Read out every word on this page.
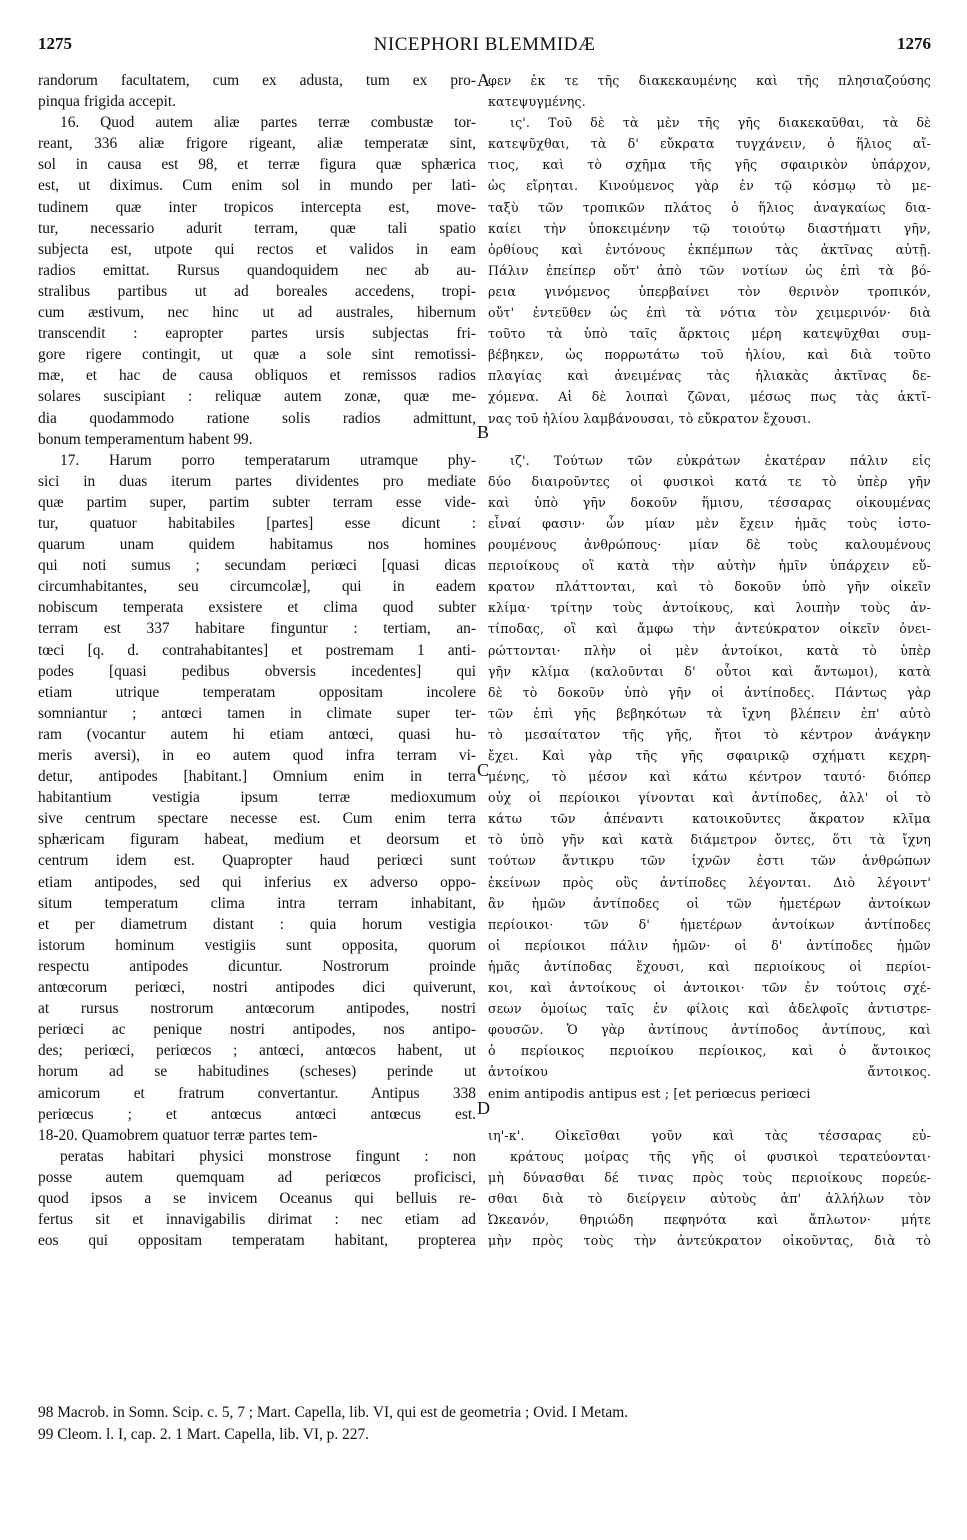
NICEPHORI BLEMMIDÆ
1275	1276
randorum facultatem, cum ex adusta, tum ex pro-
pinqua frigida accepit.
16. Quod autem aliæ partes terræ combustæ tor-
reant, 336 aliæ frigore rigeant, aliæ temperatæ sint,
sol in causa est 98, et terræ figura quæ sphærica
est, ut diximus. Cum enim sol in mundo per lati-
tudinem quæ inter tropicos intercepta est, move-
tur, necessario adurit terram, quæ tali spatio
subjecta est, utpote qui rectos et validos in eam
radios emittat. Rursus quandoquidem nec ab au-
stralibus partibus ut ad boreales accedens, tropi-
cum æstivum, nec hinc ut ad australes, hibernum
transcendit : eapropter partes ursis subjectas fri-
gore rigere contingit, ut quæ a sole sint remotissi-
mæ, et hac de causa obliquos et remissos radios
solares suscipiant : reliquæ autem zonæ, quæ me-
dia quodammodo ratione solis radios admittunt,
bonum temperamentum habent 99.
17. Harum porro temperatarum utramque phy-
sici in duas iterum partes dividentes pro mediate
quæ partim super, partim subter terram esse vide-
tur, quatuor habitabiles [partes] esse dicunt :
quarum unam quidem habitamus nos homines
qui noti sumus ; secundam periœci [quasi dicas
circumhabitantes, seu circumcolæ], qui in eadem
nobiscum temperata exsistere et clima quod subter
terram est 337 habitare finguntur : tertiam, an-
tœci [q. d. contrahabitantes] et postremam 1 anti-
podes [quasi pedibus obversis incedentes] qui
etiam utrique temperatam oppositam incolere
somniantur ; antœci tamen in climate super ter-
ram (vocantur autem hi etiam antœci, quasi hu-
meris aversi), in eo autem quod infra terram vi-
detur, antipodes [habitant.] Omnium enim in terra
habitantium vestigia ipsum terræ medioxumum
sive centrum spectare necesse est. Cum enim terra
sphæricam figuram habeat, medium et deorsum et
centrum idem est. Quapropter haud periœci sunt
etiam antipodes, sed qui inferius ex adverso oppo-
situm temperatum clima intra terram inhabitant,
et per diametrum distant : quia horum vestigia
istorum hominum vestigiis sunt opposita, quorum
respectu antipodes dicuntur. Nostrorum proinde
antœcorum periœci, nostri antipodes dici quiverunt,
at rursus nostrorum antœcorum antipodes, nostri
periœci ac penique nostri antipodes, nos antipo-
des; periœci, periœcos ; antœci, antœcos habent, ut
horum ad se habitudines (scheses) perinde ut
amicorum et fratrum convertantur. Antipus 338
periœcus ; et antœcus antœci antœcus est.
18-20. Quamobrem quatuor terræ partes tem-
peratas habitari physici monstrose fingunt : non
posse autem quemquam ad periœcos proficisci,
quod ipsos a se invicem Oceanus qui belluis re-
fertus sit et innavigabilis dirimat : nec etiam ad
eos qui oppositam temperatam habitant, propterea
φεν ἐκ τε τῆς διακεκαυμένης καὶ τῆς πλησιαζούσης
κατεψυγμένης.
ις'. Τοῦ δὲ τὰ μὲν τῆς γῆς διακεκαῦθαι, τὰ δὲ
κατεψῦχθαι, τὰ δ' εὔκρατα τυγχάνειν, ὁ ἥλιος αἴ-
τιος, καὶ τὸ σχῆμα τῆς γῆς σφαιρικὸν ὑπάρχον,
ὡς εἴρηται. Κινούμενος γὰρ ἐν τῷ κόσμῳ τὸ με-
ταξὺ τῶν τροπικῶν πλάτος ὁ ἥλιος ἀναγκαίως δια-
καίει τὴν ὑποκειμένην τῷ τοιούτῳ διαστήματι γῆν,
ὀρθίους καὶ ἐντόνους ἐκπέμπων τὰς ἀκτῖνας αὐτῇ.
Πάλιν ἐπείπερ οὔτ' ἀπὸ τῶν νοτίων ὡς ἐπὶ τὰ βό-
ρεια γινόμενος ὑπερβαίνει τὸν θερινὸν τροπικόν,
οὔτ' ἐντεῦθεν ὡς ἐπὶ τὰ νότια τὸν χειμερινόν· διὰ
τοῦτο τὰ ὑπὸ ταῖς ἄρκτοις μέρη κατεψῦχθαι συμ-
βέβηκεν, ὡς πορρωτάτω τοῦ ἡλίου, καὶ διὰ τοῦτο
πλαγίας καὶ ἀνειμένας τὰς ἡλιακὰς ἀκτῖνας δε-
χόμενα. Αἱ δὲ λοιπαὶ ζῶναι, μέσως πως τὰς ἀκτῖ-
νας τοῦ ἡλίου λαμβάνουσαι, τὸ εὔκρατον ἔχουσι.
ιζ'. Τούτων τῶν εὐκράτων ἑκατέραν πάλιν εἰς
δύο διαιροῦντες οἱ φυσικοὶ κατά τε τὸ ὑπὲρ γῆν
καὶ ὑπὸ γῆν δοκοῦν ἥμισυ, τέσσαρας οἰκουμένας
εἶναί φασιν· ὧν μίαν μὲν ἔχειν ἡμᾶς τοὺς ἱστο-
ρουμένους ἀνθρώπους· μίαν δὲ τοὺς καλουμένους
περιοίκους οἳ κατὰ τὴν αὐτὴν ἡμῖν ὑπάρχειν εὔ-
κρατον πλάττονται, καὶ τὸ δοκοῦν ὑπὸ γῆν οἰκεῖν
κλίμα· τρίτην τοὺς ἀντοίκους, καὶ λοιπὴν τοὺς ἀν-
τίποδας, οἳ καὶ ἄμφω τὴν ἀντεύκρατον οἰκεῖν ὀνει-
ρώττονται· πλὴν οἱ μὲν ἀντοίκοι, κατὰ τὸ ὑπὲρ
γῆν κλίμα (καλοῦνται δ' οὗτοι καὶ ἄντωμοι), κατὰ
δὲ τὸ δοκοῦν ὑπὸ γῆν οἱ ἀντίποδες. Πάντως γὰρ
τῶν ἐπὶ γῆς βεβηκότων τὰ ἴχνη βλέπειν ἐπ' αὐτὸ
τὸ μεσαίτατον τῆς γῆς, ἤτοι τὸ κέντρον ἀνάγκην
ἔχει. Καὶ γὰρ τῆς γῆς σφαιρικῷ σχήματι κεχρη-
μένης, τὸ μέσον καὶ κάτω κέντρον ταυτό· διόπερ
οὐχ οἱ περίοικοι γίνονται καὶ ἀντίποδες, ἀλλ' οἱ τὸ
κάτω τῶν ἀπέναντι κατοικοῦντες ἄκρατον κλῖμα
τὸ ὑπὸ γῆν καὶ κατὰ διάμετρον ὄντες, ὅτι τὰ ἴχνη
τούτων ἄντικρυ τῶν ἰχνῶν ἐστι τῶν ἀνθρώπων
ἐκείνων πρὸς οὓς ἀντίποδες λέγονται. Διὸ λέγοιντ'
ἂν ἡμῶν ἀντίποδες οἱ τῶν ἡμετέρων ἀντοίκων
περίοικοι· τῶν δ' ἡμετέρων ἀντοίκων ἀντίποδες
οἱ περίοικοι πάλιν ἡμῶν· οἱ δ' ἀντίποδες ἡμῶν
ἡμᾶς ἀντίποδας ἔχουσι, καὶ περιοίκους οἱ περίοι-
κοι, καὶ ἀντοίκους οἱ ἀντοικοι· τῶν ἐν τούτοις σχέ-
σεων ὁμοίως ταῖς ἐν φίλοις καὶ ἀδελφοῖς ἀντιστρε-
φουσῶν. Ὁ γὰρ ἀντίπους ἀντίποδος ἀντίπους, καὶ
ὁ περίοικος περιοίκου περίοικος, καὶ ὁ ἄντοικος
ἀντοίκου ἄντοικος.
enim antipodis antipus est ; [et periœcus periœci
ιη'-κ'. Οἰκεῖσθαι γοῦν καὶ τὰς τέσσαρας εὐ-
κράτους μοίρας τῆς γῆς οἱ φυσικοὶ τερατεύονται·
μὴ δύνασθαι δέ τινας πρὸς τοὺς περιοίκους πορεύε-
σθαι διὰ τὸ διείργειν αὐτοὺς ἀπ' ἀλλήλων τὸν
Ὠκεανόν, θηριώδη πεφηνότα καὶ ἄπλωτον· μήτε
μὴν πρὸς τοὺς τὴν ἀντεύκρατον οἰκοῦντας, διὰ τὸ
A
B
C
D
98 Macrob. in Somn. Scip. c. 5, 7 ; Mart. Capella, lib. VI, qui est de geometria ; Ovid. I Metam.
99 Cleom. l. I, cap. 2. 1 Mart. Capella, lib. VI, p. 227.
